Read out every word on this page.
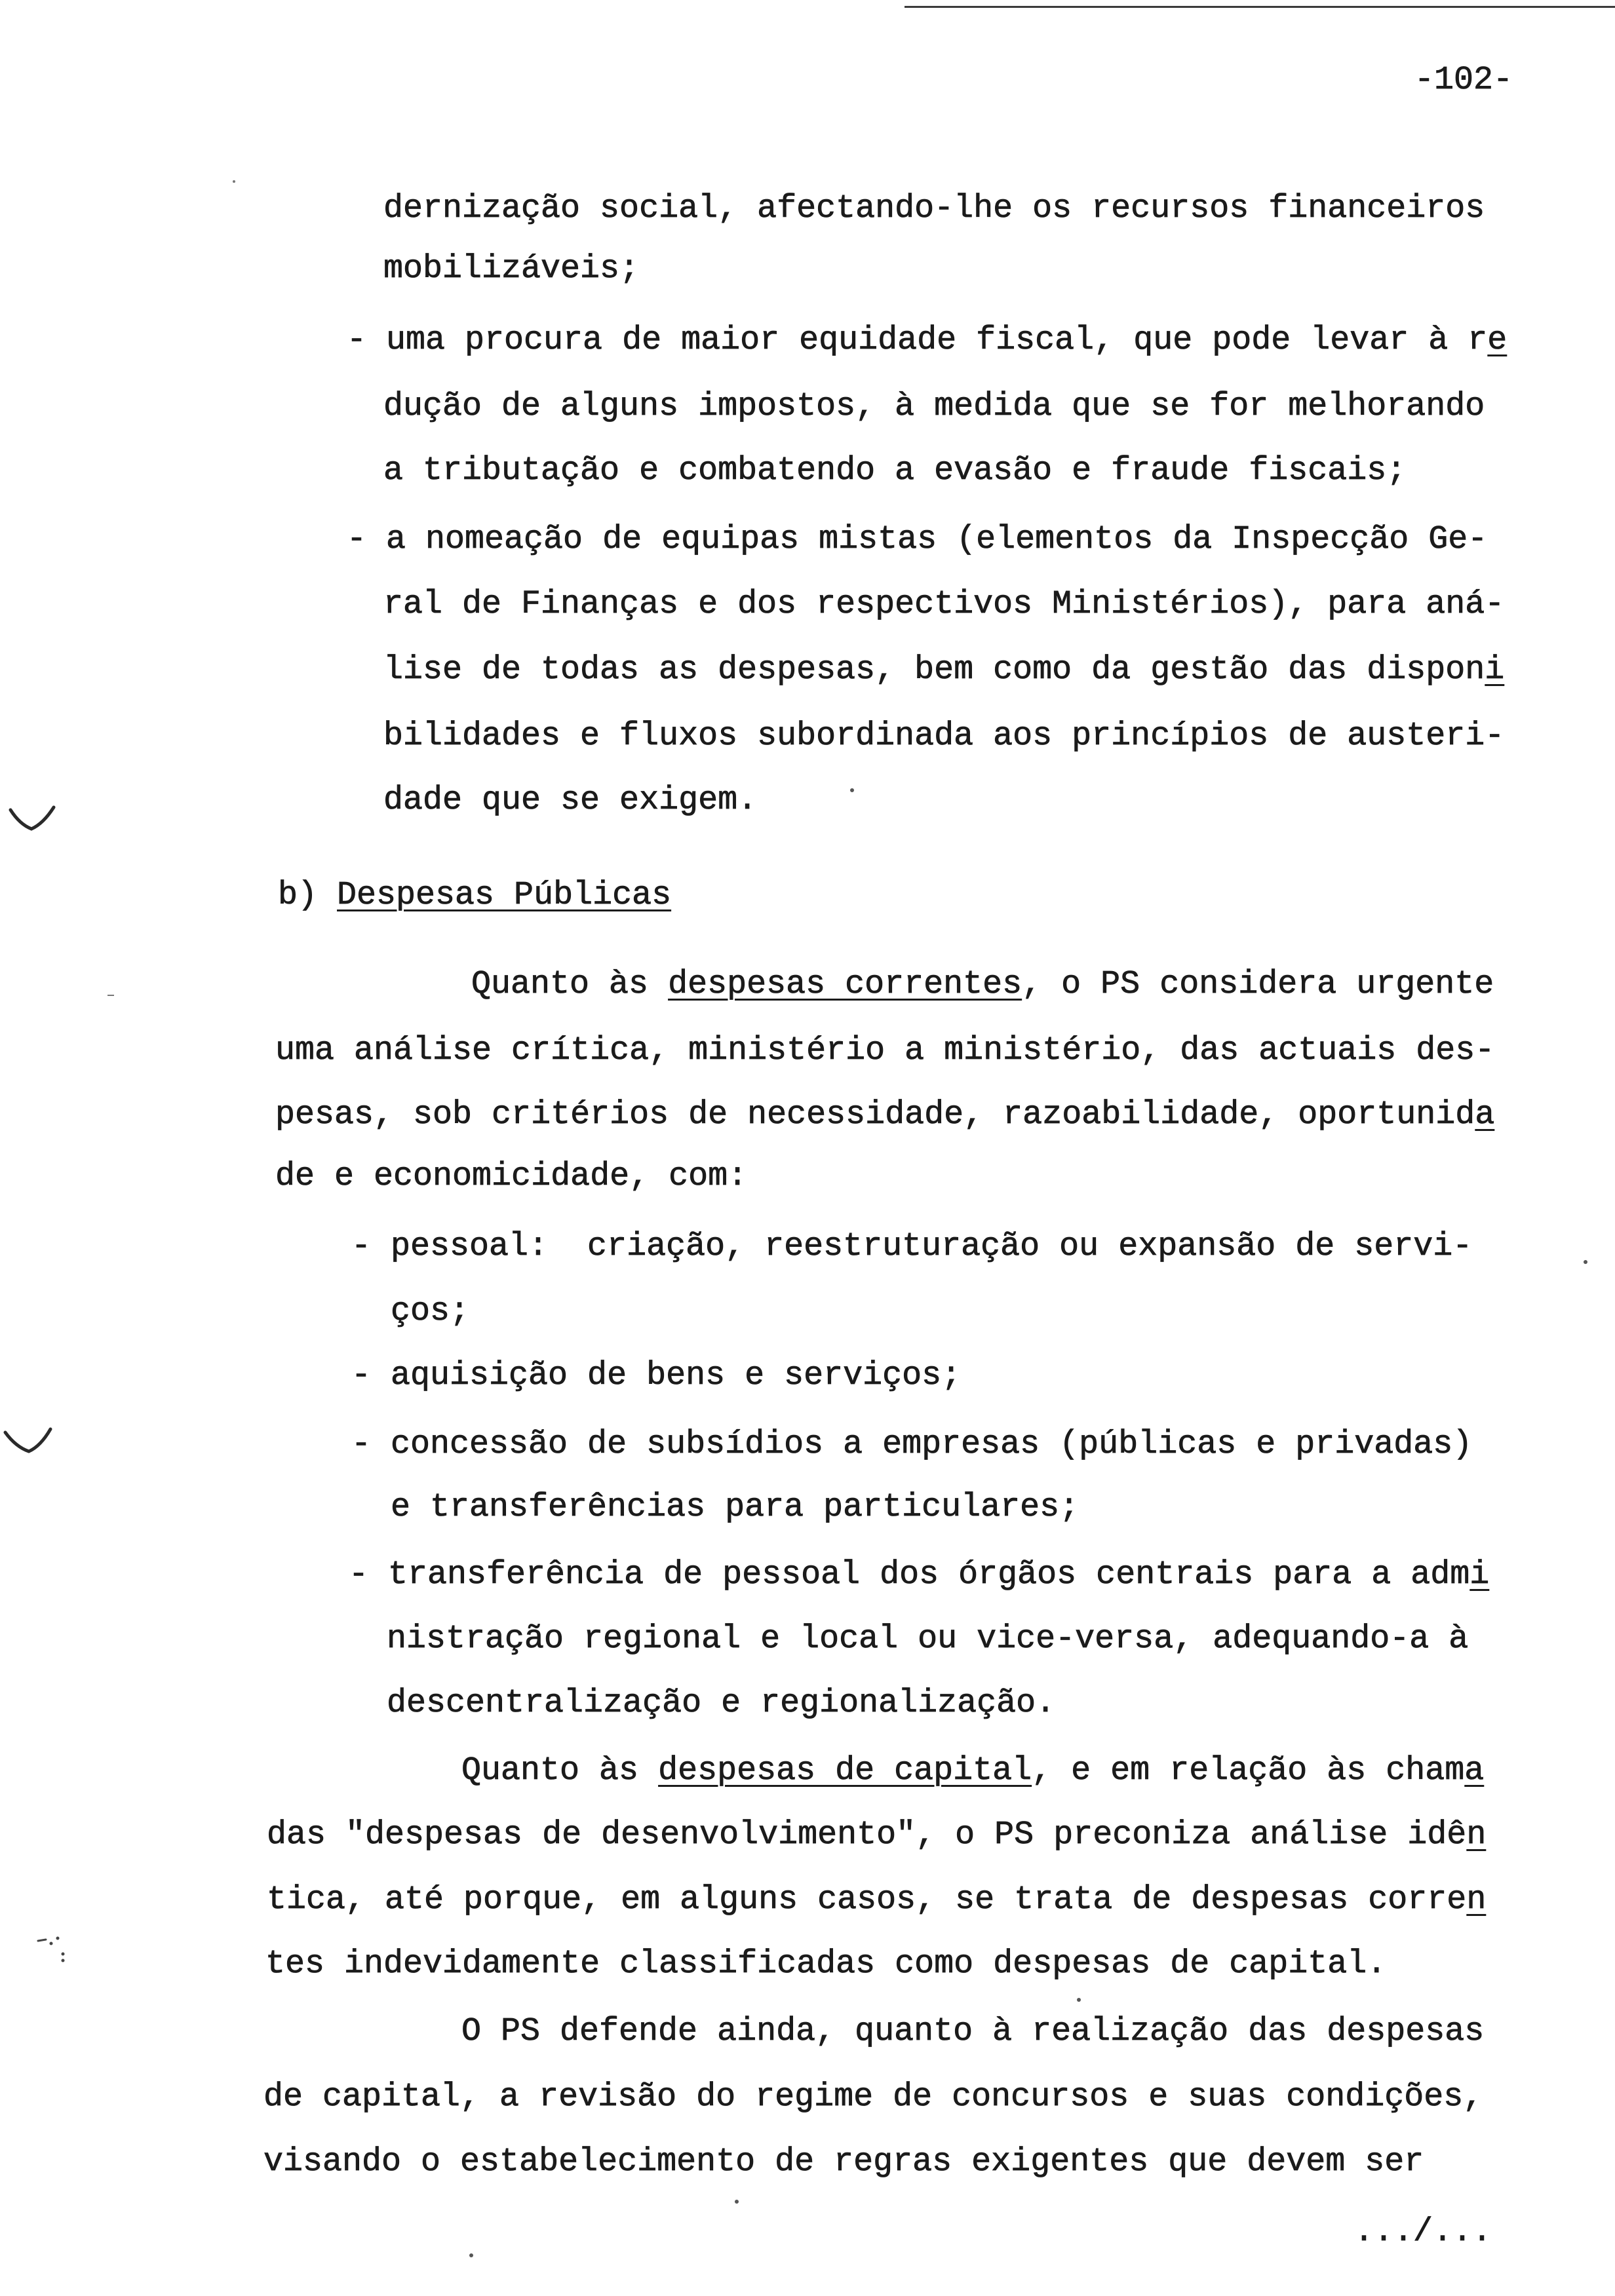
-102-
dernização social, afectando-lhe os recursos financeiros
mobilizáveis;
- uma procura de maior equidade fiscal, que pode levar à re
dução de alguns impostos, à medida que se for melhorando
a tributação e combatendo a evasão e fraude fiscais;
- a nomeação de equipas mistas (elementos da Inspecção Ge-
ral de Finanças e dos respectivos Ministérios), para aná-
lise de todas as despesas, bem como da gestão das disponi
bilidades e fluxos subordinada aos princípios de austeri-
dade que se exigem.
b) Despesas Públicas
Quanto às despesas correntes, o PS considera urgente
uma análise crítica, ministério a ministério, das actuais des-
pesas, sob critérios de necessidade, razoabilidade, oportunida
de e economicidade, com:
- pessoal:  criação, reestruturação ou expansão de servi-
ços;
- aquisição de bens e serviços;
- concessão de subsídios a empresas (públicas e privadas)
e transferências para particulares;
- transferência de pessoal dos órgãos centrais para a admi
nistração regional e local ou vice-versa, adequando-a à
descentralização e regionalização.
Quanto às despesas de capital, e em relação às chama
das "despesas de desenvolvimento", o PS preconiza análise idên
tica, até porque, em alguns casos, se trata de despesas corren
tes indevidamente classificadas como despesas de capital.
O PS defende ainda, quanto à realização das despesas
de capital, a revisão do regime de concursos e suas condições,
visando o estabelecimento de regras exigentes que devem ser
.../...
